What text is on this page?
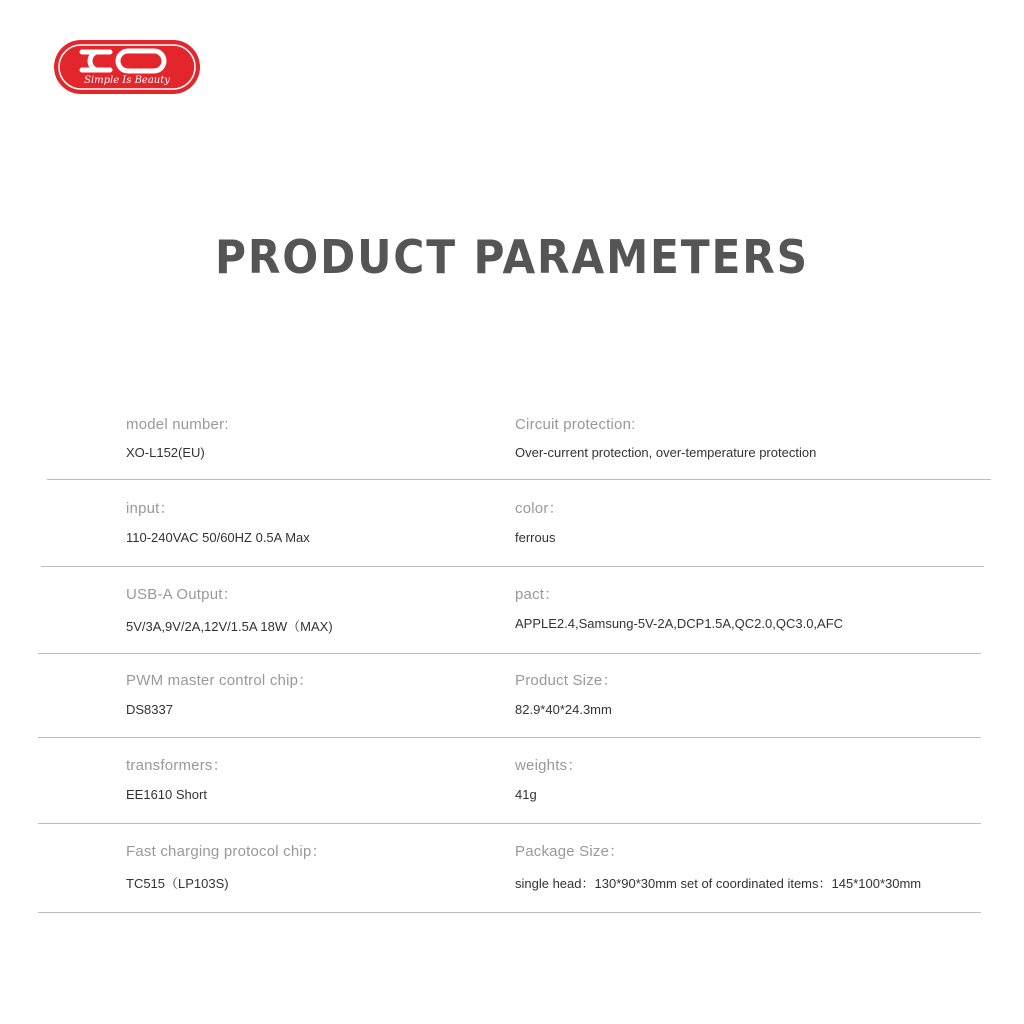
Simple Is Beauty
PRODUCT PARAMETERS
model number:
XO-L152(EU)
Circuit protection:
Over-current protection, over-temperature protection
input：
110-240VAC 50/60HZ 0.5A Max
color：
ferrous
USB-A Output：
5V/3A,9V/2A,12V/1.5A 18W（MAX)
pact：
APPLE2.4,Samsung-5V-2A,DCP1.5A,QC2.0,QC3.0,AFC
PWM master control chip：
DS8337
Product Size：
82.9*40*24.3mm
transformers：
EE1610 Short
weights：
41g
Fast charging protocol chip：
TC515（LP103S)
Package Size：
single head：130*90*30mm set of coordinated items：145*100*30mm
